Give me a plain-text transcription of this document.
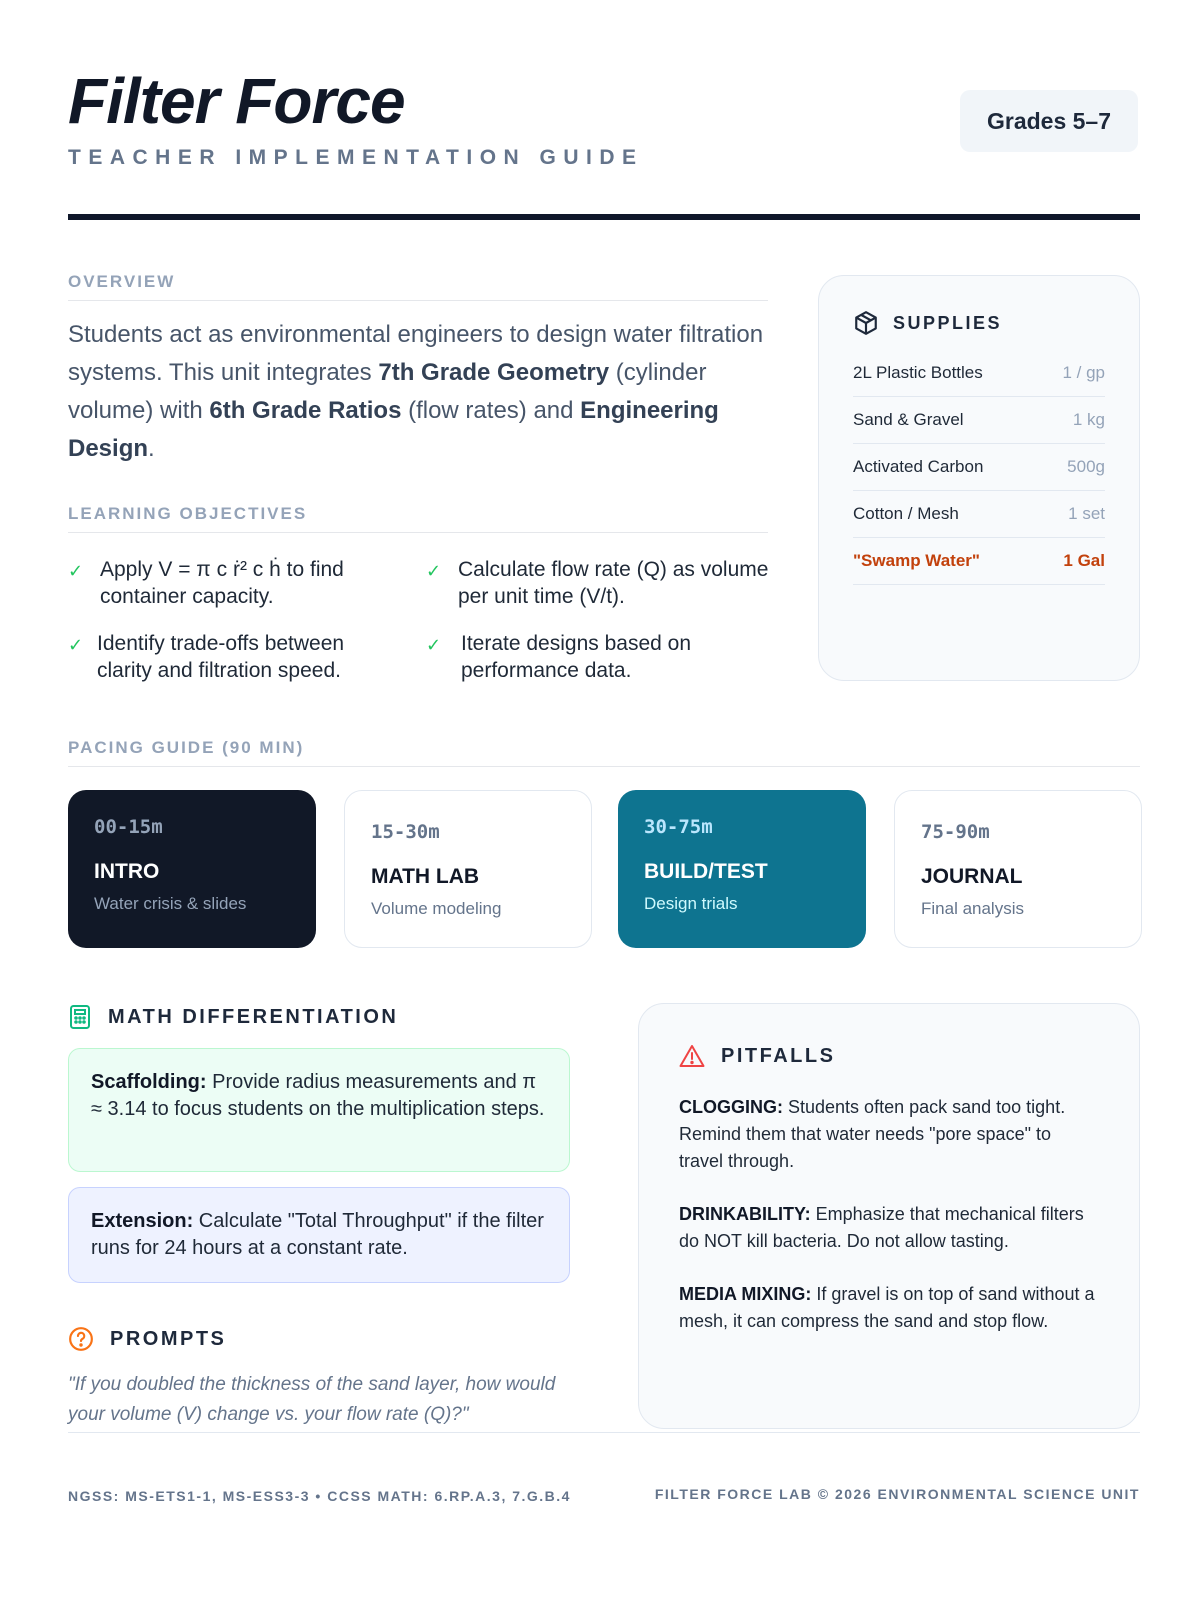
Filter Force
TEACHER IMPLEMENTATION GUIDE
Grades 5–7
OVERVIEW
Students act as environmental engineers to design water filtration systems. This unit integrates 7th Grade Geometry (cylinder volume) with 6th Grade Ratios (flow rates) and Engineering Design.
LEARNING OBJECTIVES
✓ Apply V = π c ṙ² c ḣ to find container capacity.
✓ Calculate flow rate (Q) as volume per unit time (V/t).
✓ Identify trade-offs between clarity and filtration speed.
✓ Iterate designs based on performance data.
SUPPLIES
2L Plastic Bottles	1 / gp
Sand & Gravel	1 kg
Activated Carbon	500g
Cotton / Mesh	1 set
"Swamp Water"	1 Gal
PACING GUIDE (90 MIN)
00-15m
INTRO
Water crisis & slides
15-30m
MATH LAB
Volume modeling
30-75m
BUILD/TEST
Design trials
75-90m
JOURNAL
Final analysis
MATH DIFFERENTIATION
Scaffolding: Provide radius measurements and π ≈ 3.14 to focus students on the multiplication steps.
Extension: Calculate "Total Throughput" if the filter runs for 24 hours at a constant rate.
PROMPTS
"If you doubled the thickness of the sand layer, how would your volume (V) change vs. your flow rate (Q)?"
PITFALLS
CLOGGING: Students often pack sand too tight. Remind them that water needs "pore space" to travel through.
DRINKABILITY: Emphasize that mechanical filters do NOT kill bacteria. Do not allow tasting.
MEDIA MIXING: If gravel is on top of sand without a mesh, it can compress the sand and stop flow.
NGSS: MS-ETS1-1, MS-ESS3-3 • CCSS MATH: 6.RP.A.3, 7.G.B.4	FILTER FORCE LAB © 2026 ENVIRONMENTAL SCIENCE UNIT
